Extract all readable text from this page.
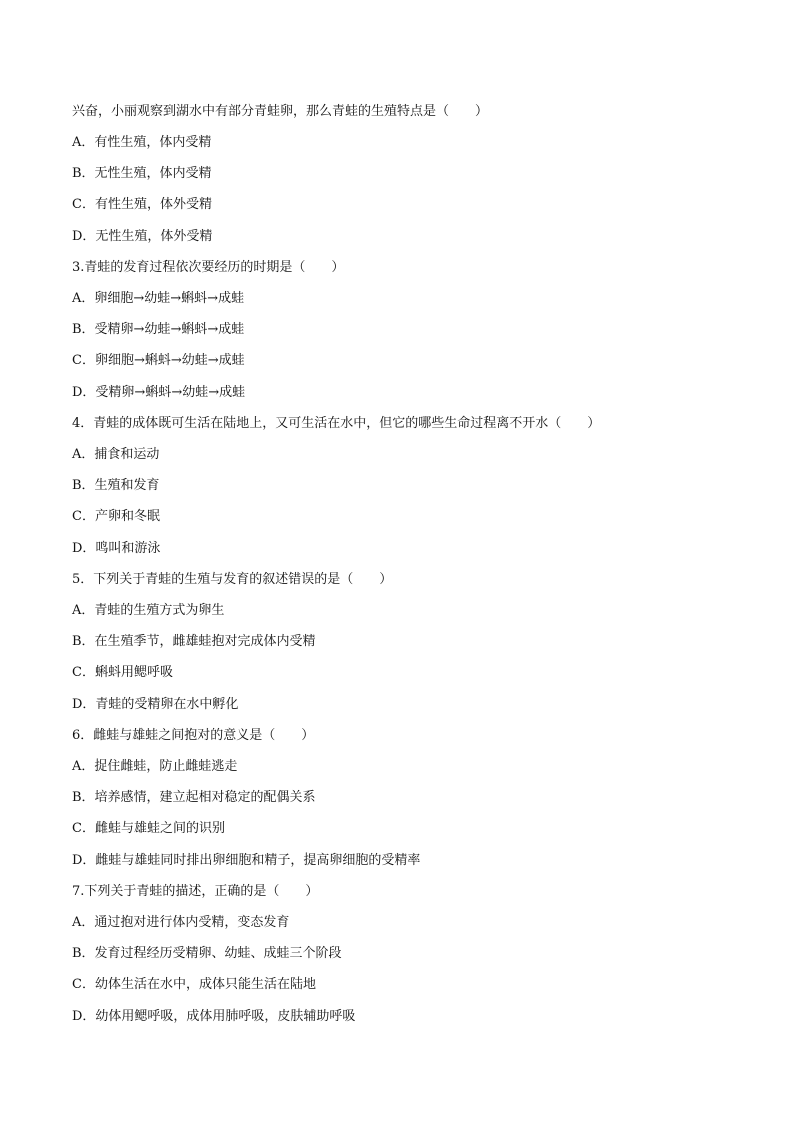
兴奋，小丽观察到湖水中有部分青蛙卵，那么青蛙的生殖特点是（　　）
A．有性生殖，体内受精
B．无性生殖，体内受精
C．有性生殖，体外受精
D．无性生殖，体外受精
3.青蛙的发育过程依次要经历的时期是（　　）
A．卵细胞→幼蛙→蝌蚪→成蛙
B．受精卵→幼蛙→蝌蚪→成蛙
C．卵细胞→蝌蚪→幼蛙→成蛙
D．受精卵→蝌蚪→幼蛙→成蛙
4．青蛙的成体既可生活在陆地上，又可生活在水中，但它的哪些生命过程离不开水（　　）
A．捕食和运动
B．生殖和发育
C．产卵和冬眠
D．鸣叫和游泳
5．下列关于青蛙的生殖与发育的叙述错误的是（　　）
A．青蛙的生殖方式为卵生
B．在生殖季节，雌雄蛙抱对完成体内受精
C．蝌蚪用鳃呼吸
D．青蛙的受精卵在水中孵化
6．雌蛙与雄蛙之间抱对的意义是（　　）
A．捉住雌蛙，防止雌蛙逃走
B．培养感情，建立起相对稳定的配偶关系
C．雌蛙与雄蛙之间的识别
D．雌蛙与雄蛙同时排出卵细胞和精子，提高卵细胞的受精率
7.下列关于青蛙的描述，正确的是（　　）
A．通过抱对进行体内受精，变态发育
B．发育过程经历受精卵、幼蛙、成蛙三个阶段
C．幼体生活在水中，成体只能生活在陆地
D．幼体用鳃呼吸，成体用肺呼吸，皮肤辅助呼吸
